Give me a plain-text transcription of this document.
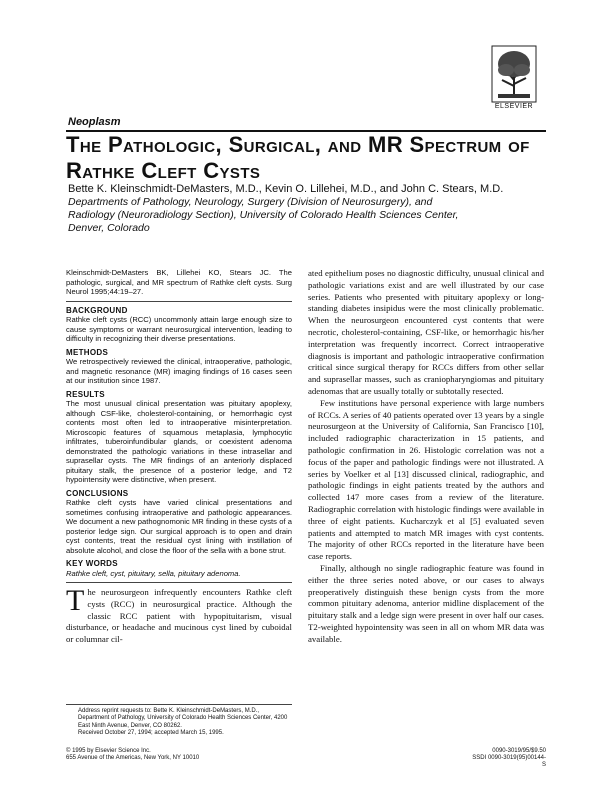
ELSEVIER
Neoplasm
The Pathologic, Surgical, and MR Spectrum of Rathke Cleft Cysts
Bette K. Kleinschmidt-DeMasters, M.D., Kevin O. Lillehei, M.D., and John C. Stears, M.D.
Departments of Pathology, Neurology, Surgery (Division of Neurosurgery), and
Radiology (Neuroradiology Section), University of Colorado Health Sciences Center,
Denver, Colorado

Kleinschmidt-DeMasters BK, Lillehei KO, Stears JC. The pathologic, surgical, and MR spectrum of Rathke cleft cysts. Surg Neurol 1995;44:19–27.

BACKGROUND

Rathke cleft cysts (RCC) uncommonly attain large enough size to cause symptoms or warrant neurosurgical intervention, leading to difficulty in recognizing their diverse presentations.

METHODS

We retrospectively reviewed the clinical, intraoperative, pathologic, and magnetic resonance (MR) imaging findings of 16 cases seen at our institution since 1987.

RESULTS

The most unusual clinical presentation was pituitary apoplexy, although CSF-like, cholesterol-containing, or hemorrhagic cyst contents most often led to intraoperative misinterpretation. Microscopic features of squamous metaplasia, lymphocytic infiltrates, tuberoinfundibular glands, or coexistent adenoma demonstrated the pathologic variations in these intrasellar and suprasellar cysts. The MR findings of an anteriorly displaced pituitary stalk, the presence of a posterior ledge, and T2 hypointensity were distinctive, when present.

CONCLUSIONS

Rathke cleft cysts have varied clinical presentations and sometimes confusing intraoperative and pathologic appearances. We document a new pathognomonic MR finding in these cysts of a posterior ledge sign. Our surgical approach is to open and drain cyst contents, treat the residual cyst lining with instillation of absolute alcohol, and close the floor of the sella with a bone strut.

KEY WORDS

Rathke cleft, cyst, pituitary, sella, pituitary adenoma.

The neurosurgeon infrequently encounters Rathke cleft cysts (RCC) in neurosurgical practice. Although the classic RCC patient with hypopituitarism, visual disturbance, or headache and mucinous cyst lined by cuboidal or columnar cil-
Address reprint requests to: Bette K. Kleinschmidt-DeMasters, M.D., Department of Pathology, University of Colorado Health Sciences Center, 4200 East Ninth Avenue, Denver, CO 80262.
Received October 27, 1994; accepted March 15, 1995.
© 1995 by Elsevier Science Inc.
655 Avenue of the Americas, New York, NY 10010
0090-3019/95/$9.50
SSDI 0090-3019(95)00144-S

ated epithelium poses no diagnostic difficulty, unusual clinical and pathologic variations exist and are well illustrated by our case series. Patients who presented with pituitary apoplexy or long-standing diabetes insipidus were the most clinically problematic. When the neurosurgeon encountered cyst contents that were necrotic, cholesterol-containing, CSF-like, or hemorrhagic his/her interpretation was frequently incorrect. Correct intraoperative diagnosis is important and pathologic intraoperative confirmation critical since surgical therapy for RCCs differs from other sellar and suprasellar masses, such as craniopharyngiomas and pituitary adenomas that are usually totally or subtotally resected.

Few institutions have personal experience with large numbers of RCCs. A series of 40 patients operated over 13 years by a single neurosurgeon at the University of California, San Francisco [10], included radiographic characterization in 15 patients, and pathologic confirmation in 26. Histologic correlation was not a focus of the paper and pathologic findings were not illustrated. A series by Voelker et al [13] discussed clinical, radiographic, and pathologic findings in eight patients treated by the authors and collected 147 more cases from a review of the literature. Radiographic correlation with histologic findings were available in three of eight patients. Kucharczyk et al [5] evaluated seven patients and attempted to match MR images with cyst contents. The majority of other RCCs reported in the literature have been case reports.

Finally, although no single radiographic feature was found in either the three series noted above, or our cases to always preoperatively distinguish these benign cysts from the more common pituitary adenoma, anterior midline displacement of the pituitary stalk and a ledge sign were present in over half our cases. T2-weighted hypointensity was seen in all on whom MR data was available.
